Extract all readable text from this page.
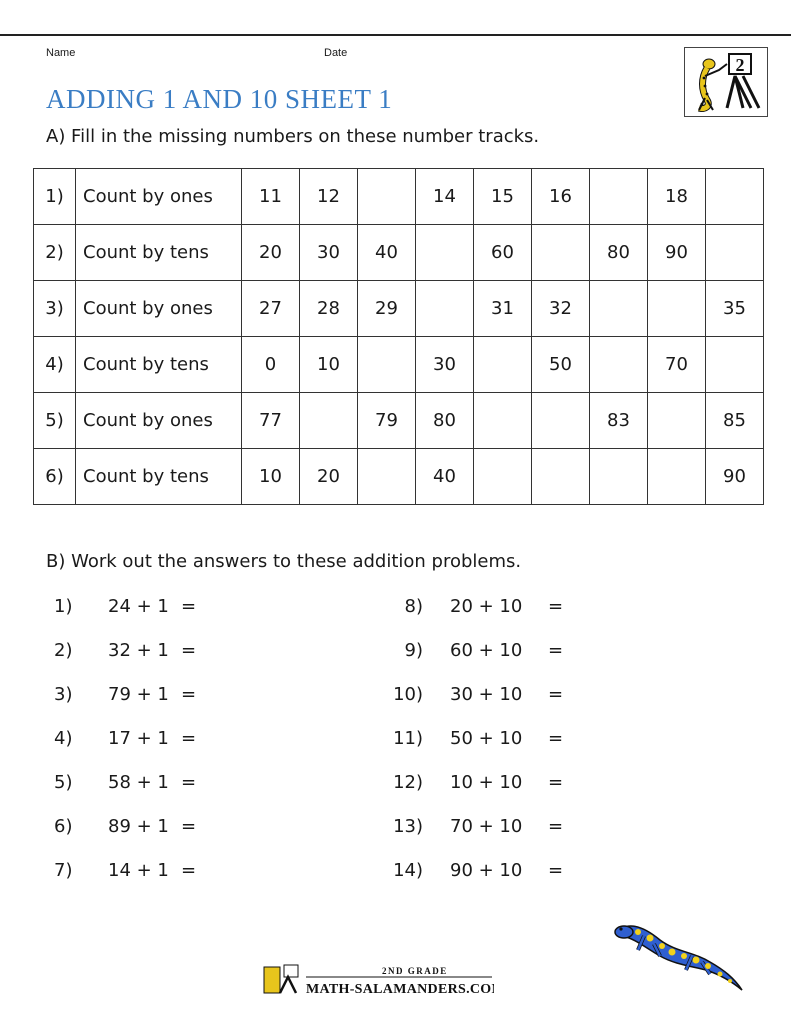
Name	Date
2
ADDING 1 AND 10 SHEET 1
A) Fill in the missing numbers on these number tracks.
1)	Count by ones	11	12		14	15	16		18	
2)	Count by tens	20	30	40		60		80	90	
3)	Count by ones	27	28	29		31	32			35
4)	Count by tens	0	10		30		50		70	
5)	Count by ones	77		79	80			83		85
6)	Count by tens	10	20		40					90
B) Work out the answers to these addition problems.
1) 24 + 1 =
2) 32 + 1 =
3) 79 + 1 =
4) 17 + 1 =
5) 58 + 1 =
6) 89 + 1 =
7) 14 + 1 =
8) 20 + 10 =
9) 60 + 10 =
10) 30 + 10 =
11) 50 + 10 =
12) 10 + 10 =
13) 70 + 10 =
14) 90 + 10 =
2ND GRADE
MATH-SALAMANDERS.COM
